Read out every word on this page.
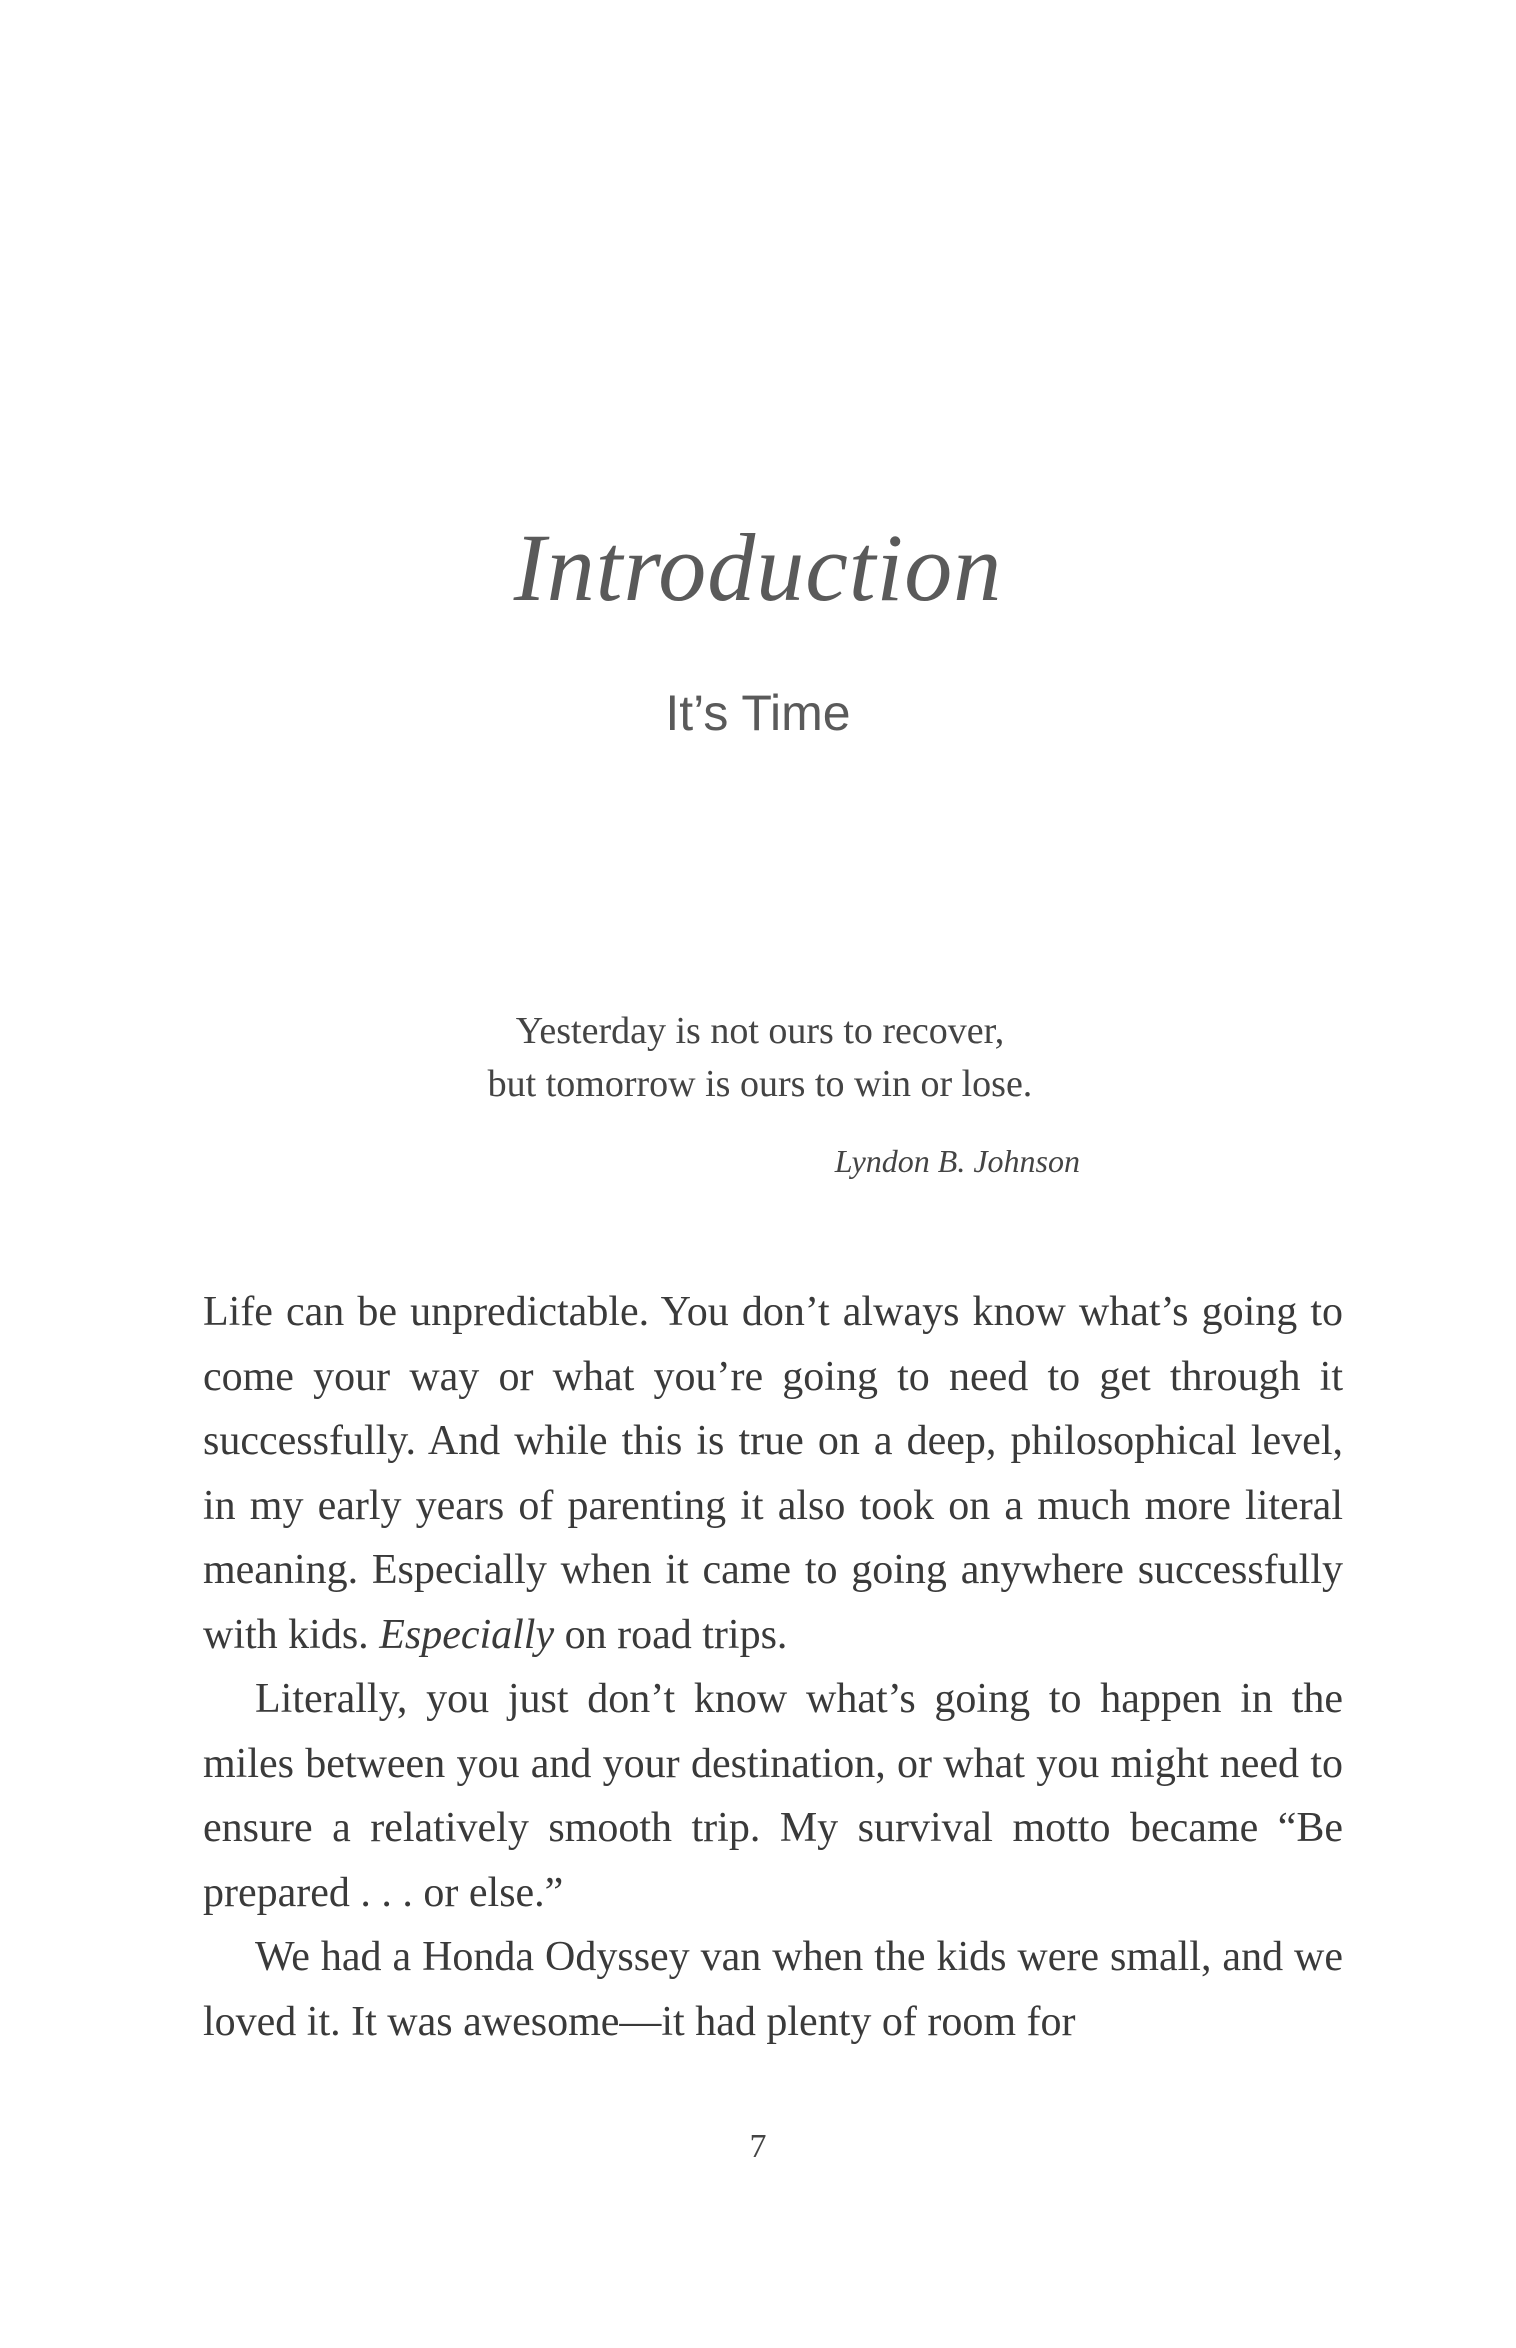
Introduction
It’s Time
Yesterday is not ours to recover,
but tomorrow is ours to win or lose.
Lyndon B. Johnson

Life can be unpredictable. You don’t always know what’s going to come your way or what you’re going to need to get through it successfully. And while this is true on a deep, philosophical level, in my early years of parenting it also took on a much more literal meaning. Especially when it came to going anywhere successfully with kids. Especially on road trips.

Literally, you just don’t know what’s going to happen in the miles between you and your destination, or what you might need to ensure a relatively smooth trip. My survival motto became “Be prepared . . . or else.”

We had a Honda Odyssey van when the kids were small, and we loved it. It was awesome—it had plenty of room for

7
